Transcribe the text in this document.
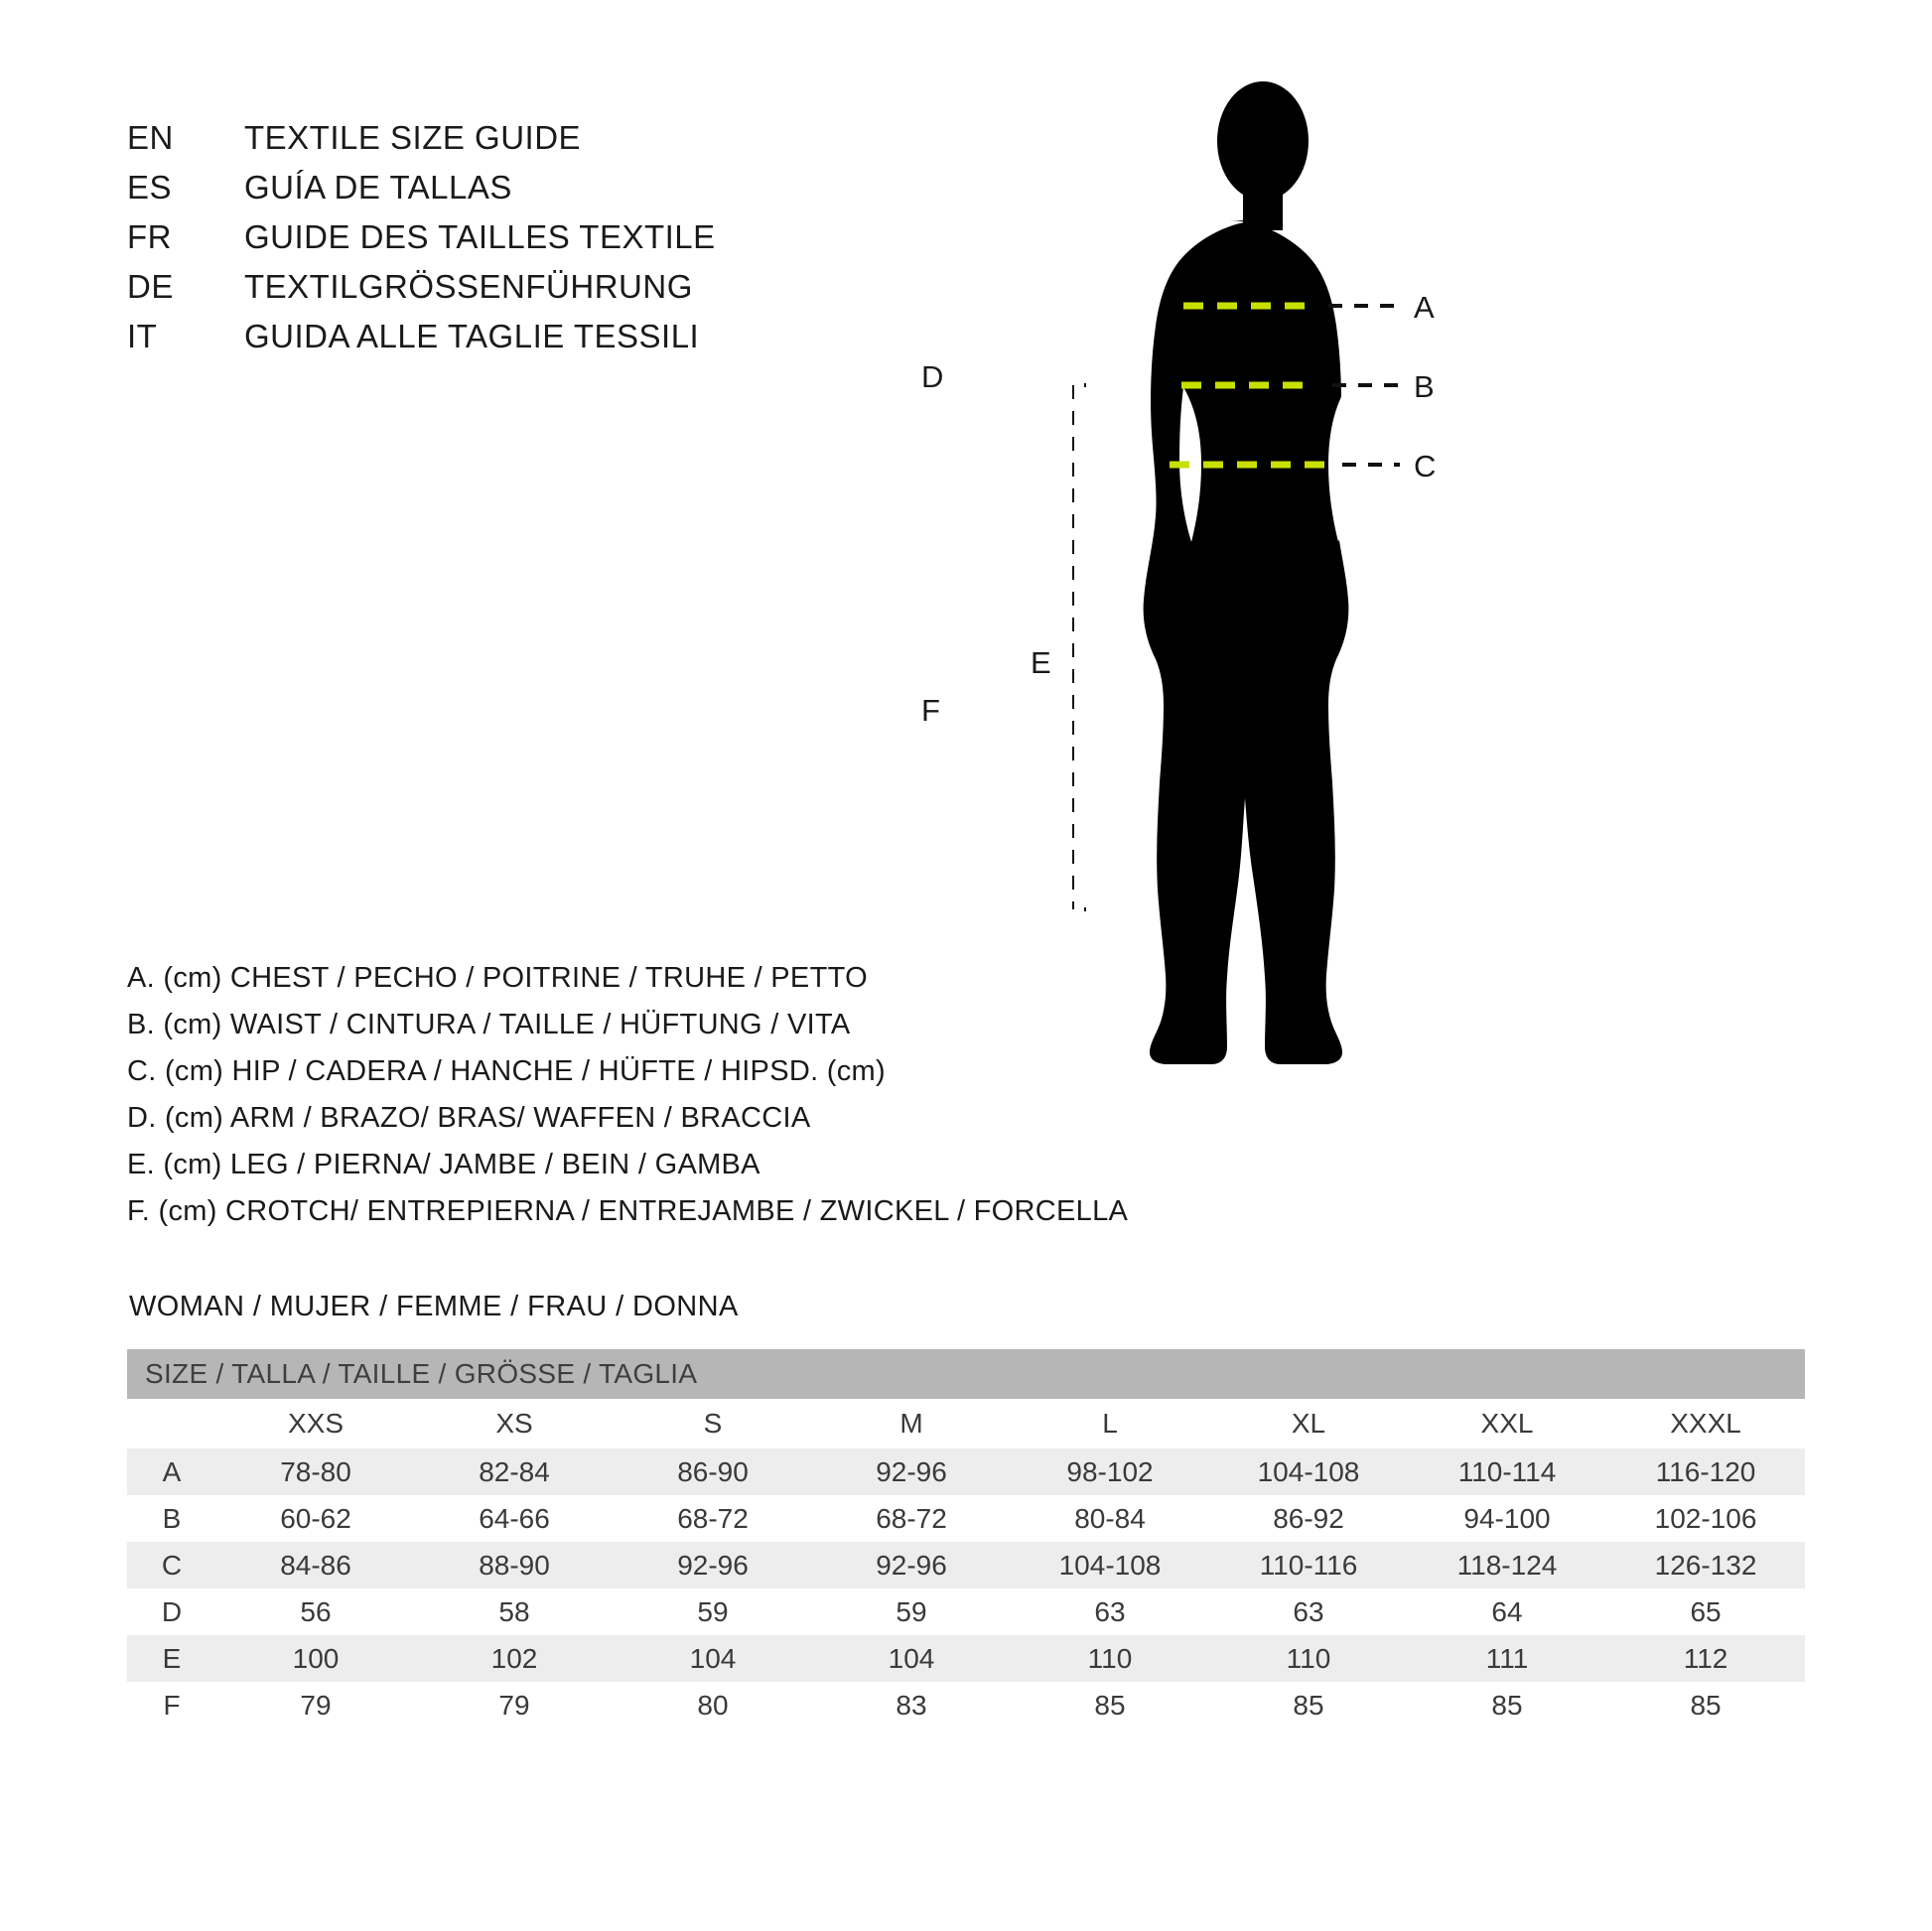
EN	TEXTILE SIZE GUIDE
ES	GUÍA DE TALLAS
FR	GUIDE DES TAILLES TEXTILE
DE	TEXTILGRÖSSENFÜHRUNG
IT	GUIDA ALLE TAGLIE TESSILI
D
E
F
A
B
C
A. (cm) CHEST / PECHO / POITRINE / TRUHE / PETTO
B. (cm) WAIST / CINTURA / TAILLE / HÜFTUNG / VITA
C. (cm) HIP / CADERA / HANCHE / HÜFTE / HIPSD. (cm)
D. (cm) ARM / BRAZO/ BRAS/ WAFFEN / BRACCIA
E. (cm) LEG / PIERNA/ JAMBE / BEIN / GAMBA
F. (cm) CROTCH/ ENTREPIERNA / ENTREJAMBE / ZWICKEL / FORCELLA
WOMAN / MUJER / FEMME / FRAU / DONNA
SIZE / TALLA / TAILLE / GRÖSSE / TAGLIA								
	XXS	XS	S	M	L	XL	XXL	XXXL
A	78-80	82-84	86-90	92-96	98-102	104-108	110-114	116-120
B	60-62	64-66	68-72	68-72	80-84	86-92	94-100	102-106
C	84-86	88-90	92-96	92-96	104-108	110-116	118-124	126-132
D	56	58	59	59	63	63	64	65
E	100	102	104	104	110	110	111	112
F	79	79	80	83	85	85	85	85
